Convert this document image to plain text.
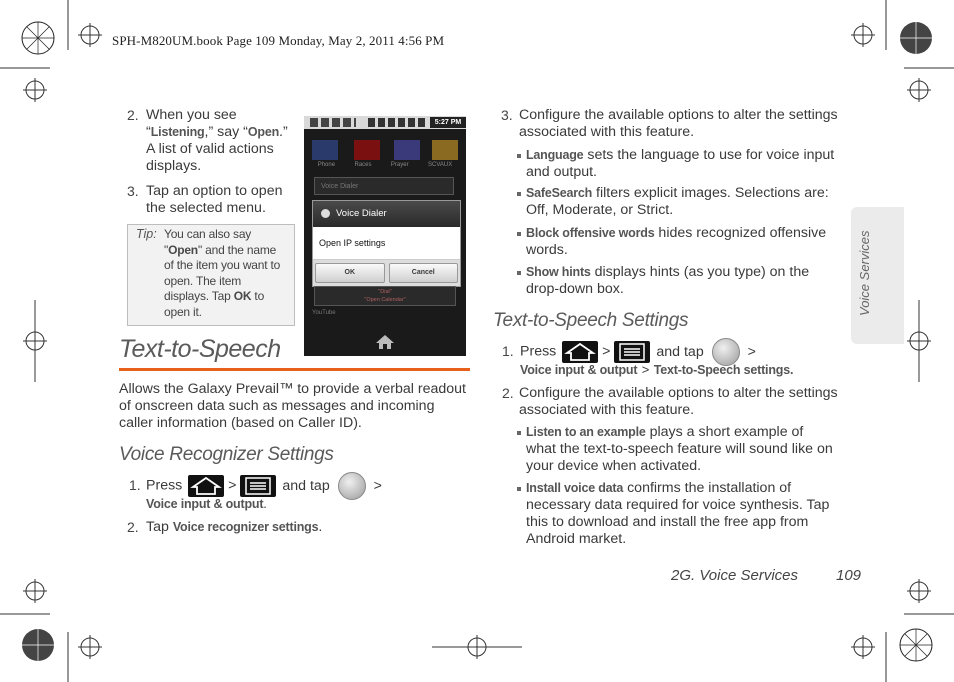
SPH-M820UM.book Page 109 Monday, May 2, 2011 4:56 PM
2. When you see
“Listening,” say “Open.”
A list of valid actions
displays.
3. Tap an option to open
the selected menu.
Tip: You can also say
"Open" and the name
of the item you want to
open. The item
displays. Tap OK to
open it.
5:27 PM
Phone	Races	Prayer	SCVAUX
Voice Dialer
Voice Dialer
Open IP settings
OK	Cancel
"Dial"
"Open Calendar"
YouTube
Text-to-Speech
Allows the Galaxy Prevail™ to provide a verbal readout
of onscreen data such as messages and incoming
caller information (based on Caller ID).
Voice Recognizer Settings
1. Press	>	and tap	>
Voice input & output.
2. Tap Voice recognizer settings.
3. Configure the available options to alter the settings
associated with this feature.
Language sets the language to use for voice input
and output.
SafeSearch filters explicit images. Selections are:
Off, Moderate, or Strict.
Block offensive words hides recognized offensive
words.
Show hints displays hints (as you type) on the
drop-down box.
Text-to-Speech Settings
1. Press	>	and tap	>
Voice input & output > Text-to-Speech settings.
2. Configure the available options to alter the settings
associated with this feature.
Listen to an example plays a short example of
what the text-to-speech feature will sound like on
your device when activated.
Install voice data confirms the installation of
necessary data required for voice synthesis. Tap
this to download and install the free app from
Android market.
Voice Services
2G. Voice Services	109
